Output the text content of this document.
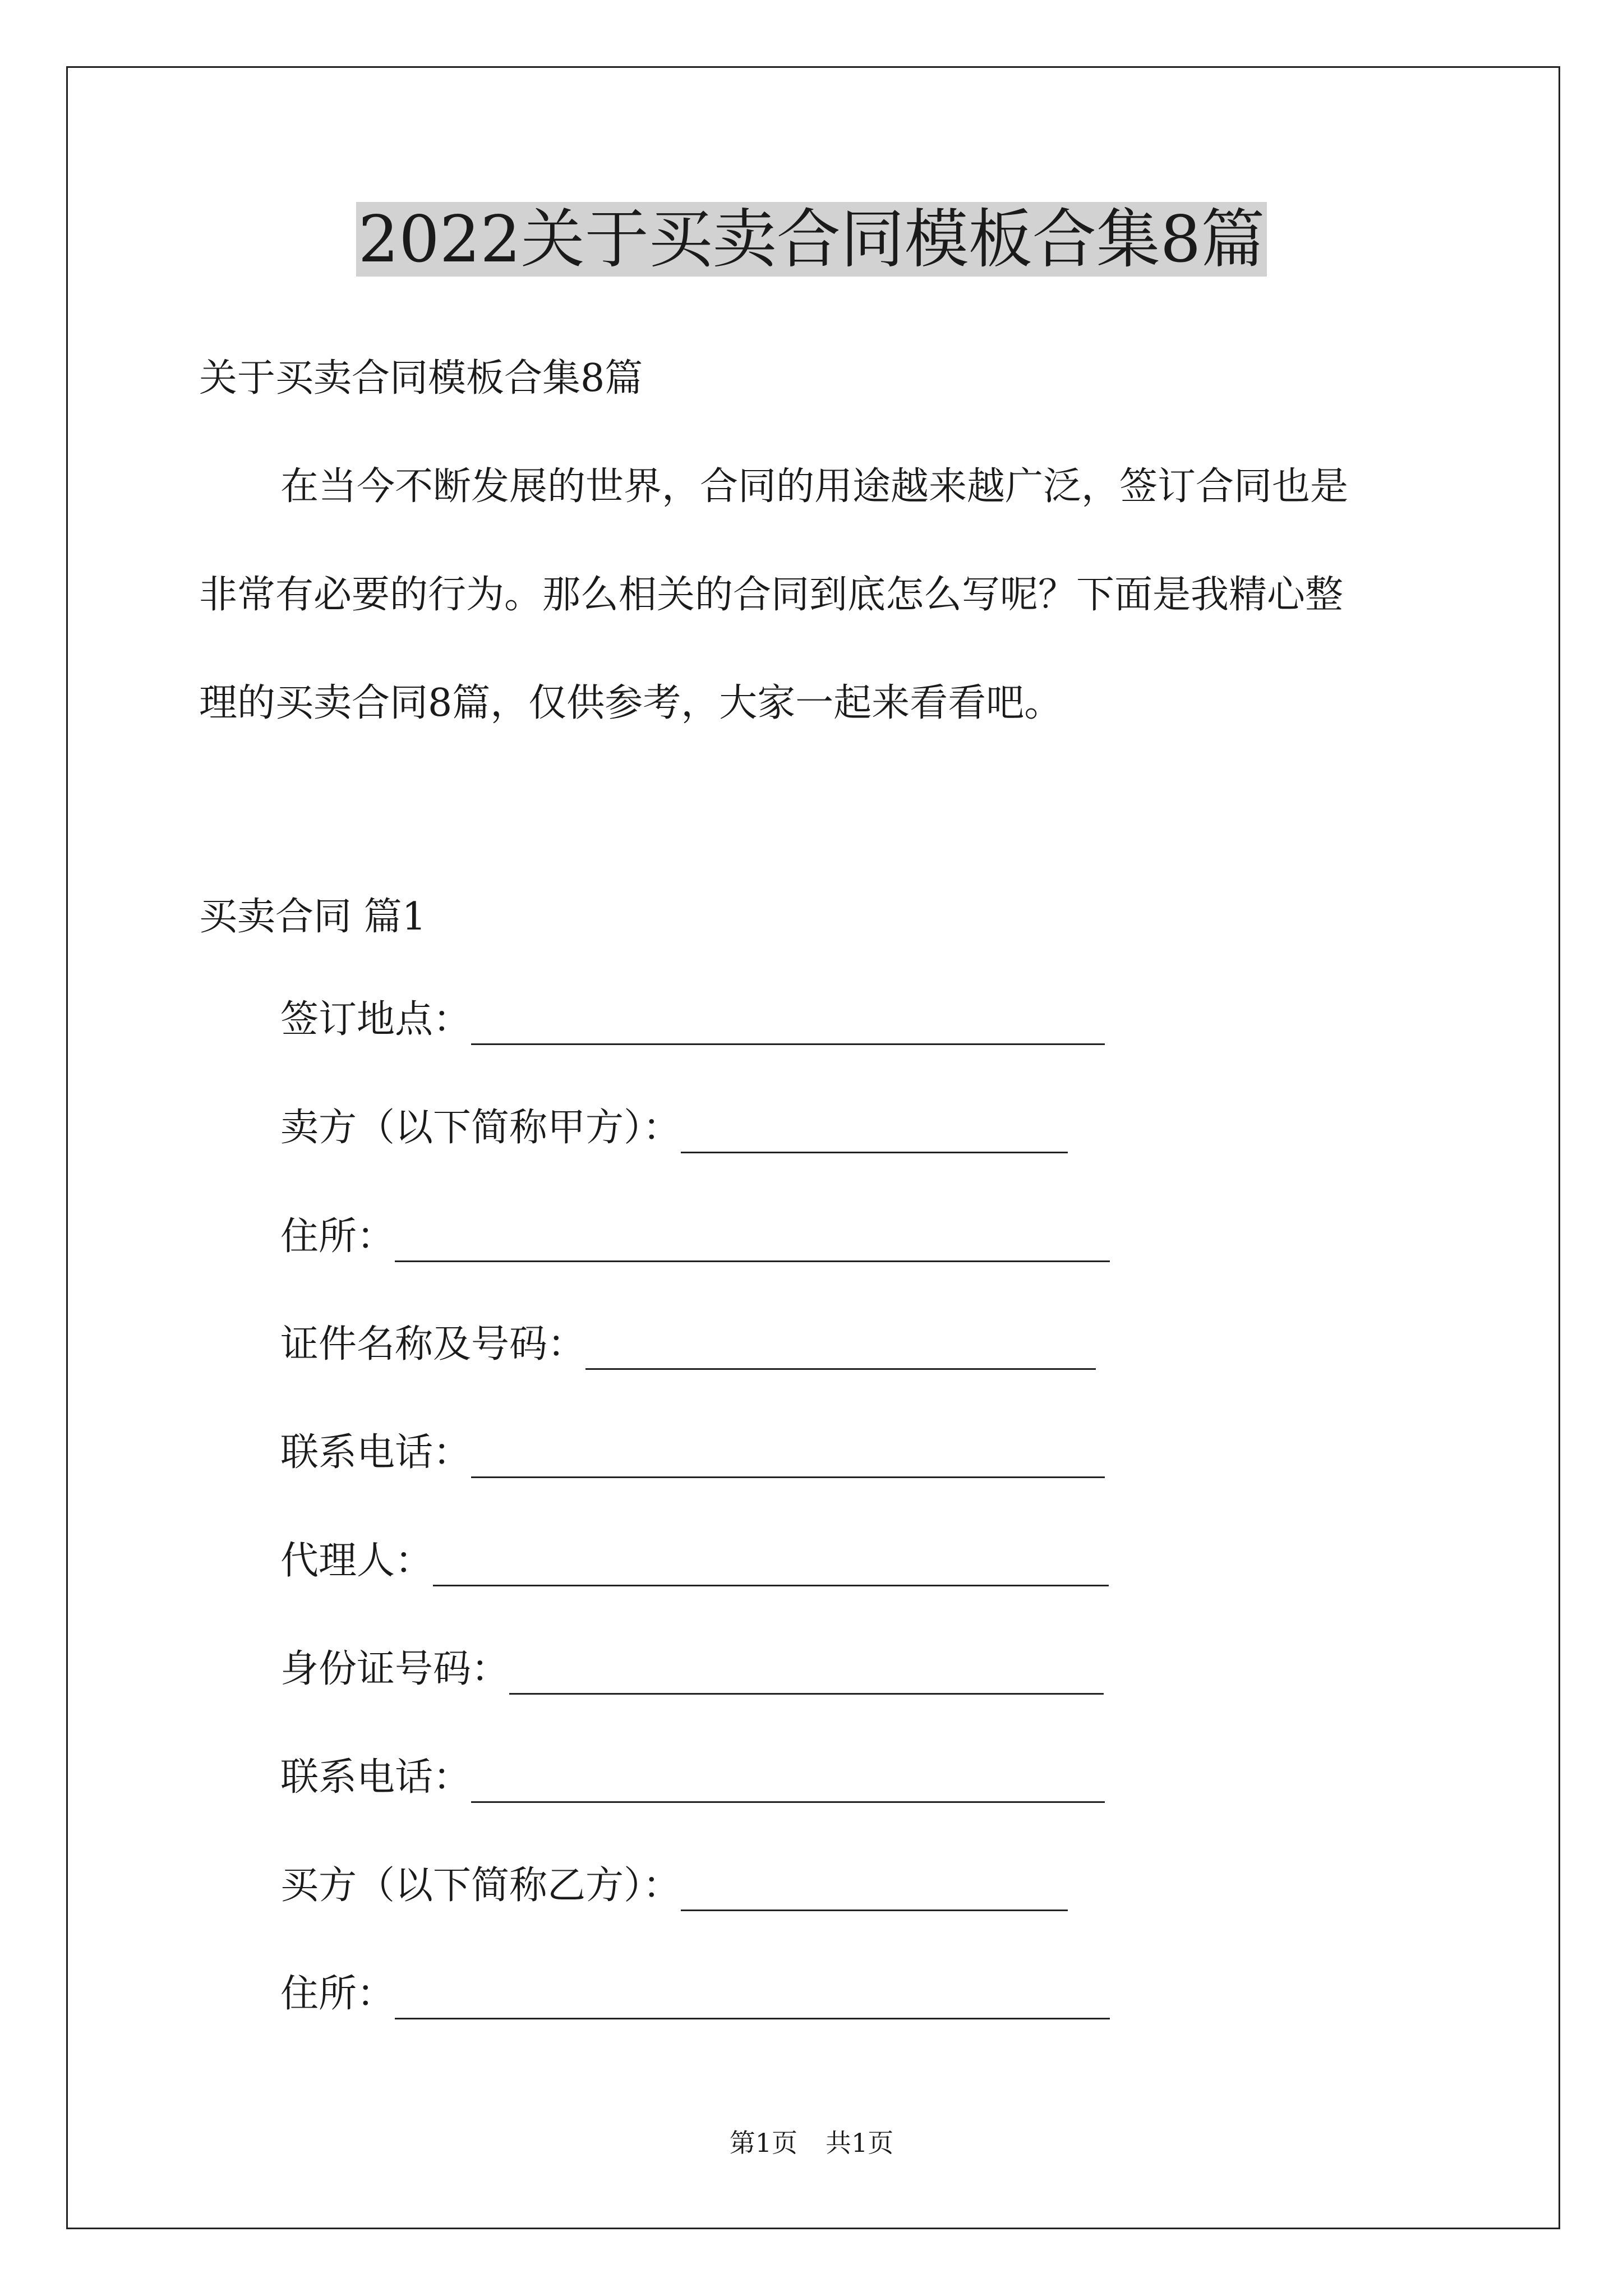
2022关于买卖合同模板合集8篇

关于买卖合同模板合集8篇

在当今不断发展的世界，合同的用途越来越广泛，签订合同也是

非常有必要的行为。那么相关的合同到底怎么写呢？下面是我精心整

理的买卖合同8篇，仅供参考，大家一起来看看吧。

买卖合同 篇1

签订地点：
卖方（以下简称甲方）：
住所：
证件名称及号码：
联系电话：
代理人：
身份证号码：
联系电话：
买方（以下简称乙方）：
住所：

第1页 共1页
